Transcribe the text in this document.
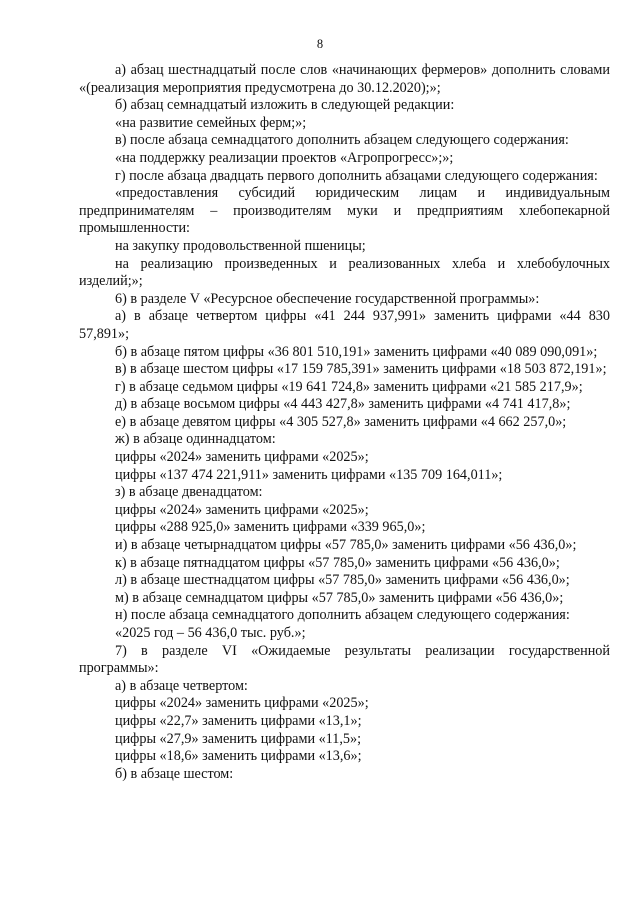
8
а) абзац шестнадцатый после слов «начинающих фермеров» дополнить словами «(реализация мероприятия предусмотрена до 30.12.2020);»;
б) абзац семнадцатый изложить в следующей редакции:
«на развитие семейных ферм;»;
в) после абзаца семнадцатого дополнить абзацем следующего содержания:
«на поддержку реализации проектов «Агропрогресс»;»;
г) после абзаца двадцать первого дополнить абзацами следующего содержания:
«предоставления субсидий юридическим лицам и индивидуальным предпринимателям – производителям муки и предприятиям хлебопекарной промышленности:
на закупку продовольственной пшеницы;
на реализацию произведенных и реализованных хлеба и хлебобулочных изделий;»;
6) в разделе V «Ресурсное обеспечение государственной программы»:
а) в абзаце четвертом цифры «41 244 937,991» заменить цифрами «44 830 57,891»;
б) в абзаце пятом цифры «36 801 510,191» заменить цифрами «40 089 090,091»;
в) в абзаце шестом цифры «17 159 785,391» заменить цифрами «18 503 872,191»;
г) в абзаце седьмом цифры «19 641 724,8» заменить цифрами «21 585 217,9»;
д) в абзаце восьмом цифры «4 443 427,8» заменить цифрами «4 741 417,8»;
е) в абзаце девятом цифры «4 305 527,8» заменить цифрами «4 662 257,0»;
ж) в абзаце одиннадцатом:
цифры «2024» заменить цифрами «2025»;
цифры «137 474 221,911» заменить цифрами «135 709 164,011»;
з) в абзаце двенадцатом:
цифры «2024» заменить цифрами «2025»;
цифры «288 925,0» заменить цифрами «339 965,0»;
и) в абзаце четырнадцатом цифры «57 785,0» заменить цифрами «56 436,0»;
к) в абзаце пятнадцатом цифры «57 785,0» заменить цифрами «56 436,0»;
л) в абзаце шестнадцатом цифры «57 785,0» заменить цифрами «56 436,0»;
м) в абзаце семнадцатом цифры «57 785,0» заменить цифрами «56 436,0»;
н) после абзаца семнадцатого дополнить абзацем следующего содержания:
«2025 год – 56 436,0 тыс. руб.»;
7) в разделе VI «Ожидаемые результаты реализации государственной программы»:
а) в абзаце четвертом:
цифры «2024» заменить цифрами «2025»;
цифры «22,7» заменить цифрами «13,1»;
цифры «27,9» заменить цифрами «11,5»;
цифры «18,6» заменить цифрами «13,6»;
б) в абзаце шестом:
